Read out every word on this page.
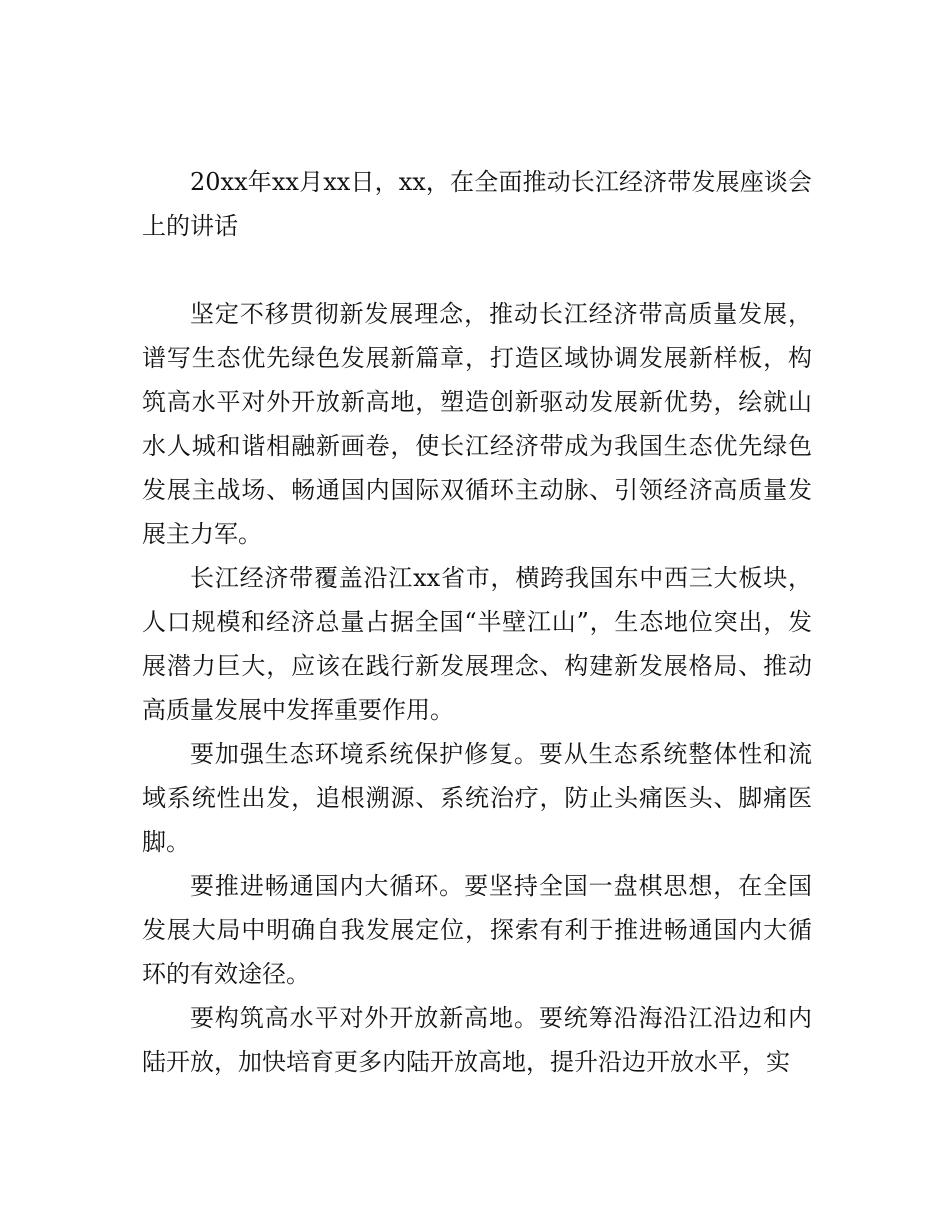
20xx年xx月xx日，xx，在全面推动长江经济带发展座谈会上的讲话

坚定不移贯彻新发展理念，推动长江经济带高质量发展，谱写生态优先绿色发展新篇章，打造区域协调发展新样板，构筑高水平对外开放新高地，塑造创新驱动发展新优势，绘就山水人城和谐相融新画卷，使长江经济带成为我国生态优先绿色发展主战场、畅通国内国际双循环主动脉、引领经济高质量发展主力军。

长江经济带覆盖沿江xx省市，横跨我国东中西三大板块，人口规模和经济总量占据全国“半壁江山”，生态地位突出，发展潜力巨大，应该在践行新发展理念、构建新发展格局、推动高质量发展中发挥重要作用。

要加强生态环境系统保护修复。要从生态系统整体性和流域系统性出发，追根溯源、系统治疗，防止头痛医头、脚痛医脚。

要推进畅通国内大循环。要坚持全国一盘棋思想，在全国发展大局中明确自我发展定位，探索有利于推进畅通国内大循环的有效途径。

要构筑高水平对外开放新高地。要统筹沿海沿江沿边和内陆开放，加快培育更多内陆开放高地，提升沿边开放水平，实
